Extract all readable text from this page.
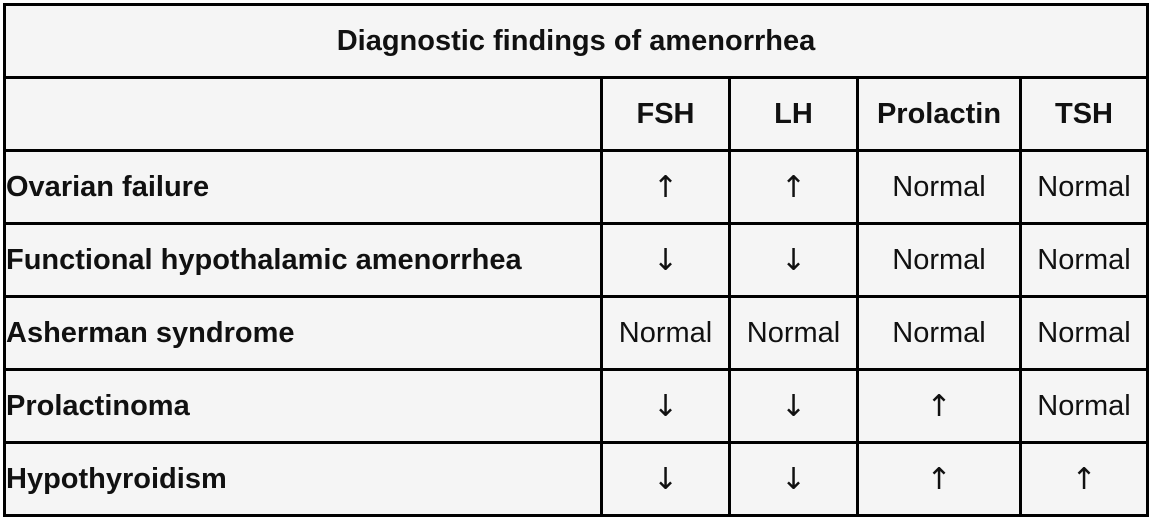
Diagnostic findings of amenorrhea				
	FSH	LH	Prolactin	TSH
Ovarian failure	↑	↑	Normal	Normal
Functional hypothalamic amenorrhea	↓	↓	Normal	Normal
Asherman syndrome	Normal	Normal	Normal	Normal
Prolactinoma	↓	↓	↑	Normal
Hypothyroidism	↓	↓	↑	↑
